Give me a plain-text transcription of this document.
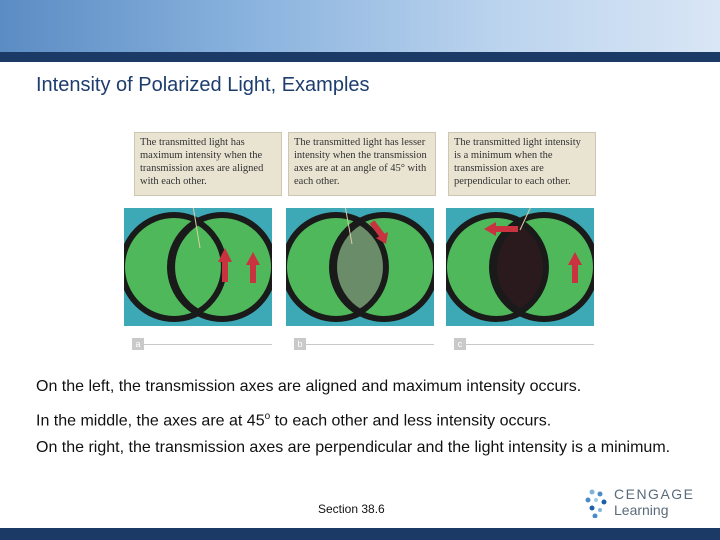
Intensity of Polarized Light, Examples
The transmitted light has maximum intensity when the transmission axes are aligned with each other.
a
The transmitted light has lesser intensity when the transmission axes are at an angle of 45° with each other.
b
The transmitted light intensity is a minimum when the transmission axes are perpendicular to each other.
c
On the left, the transmission axes are aligned and maximum intensity occurs.
In the middle, the axes are at 45$^o$ to each other and less intensity occurs.
On the right, the transmission axes are perpendicular and the light intensity is a minimum.
Section 38.6
CENGAGE
Learning
